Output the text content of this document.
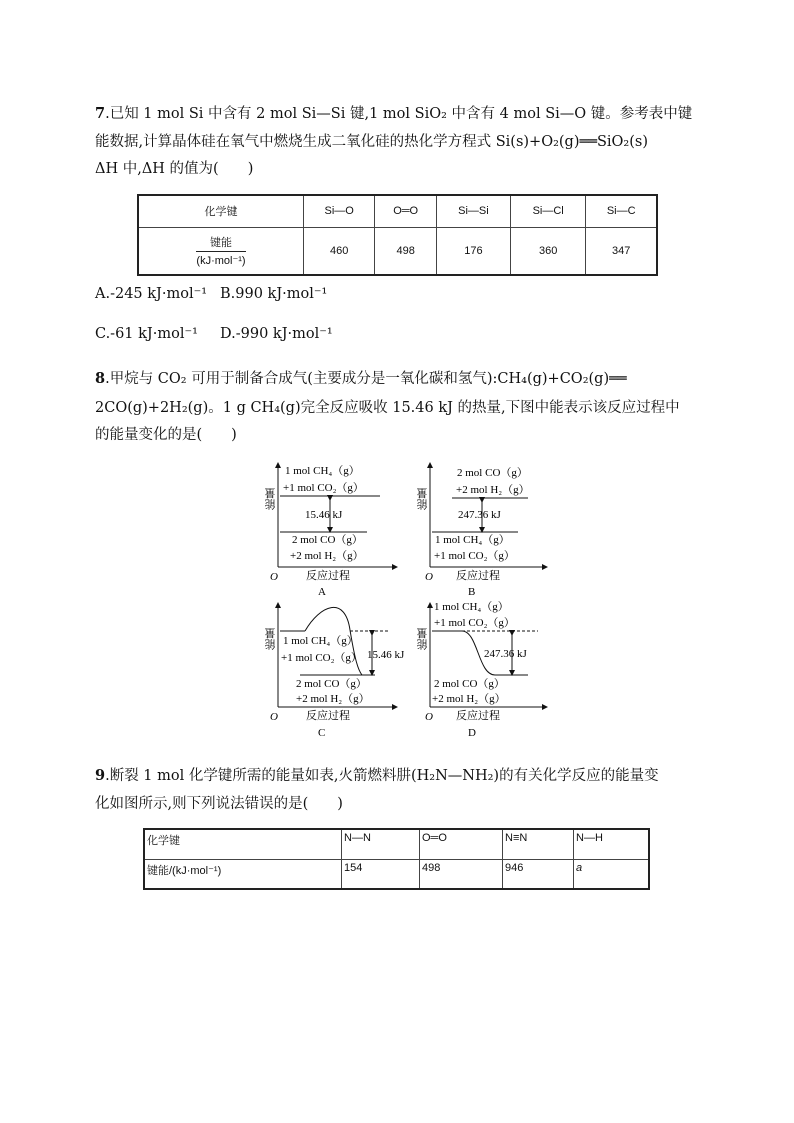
7.已知 1 mol Si 中含有 2 mol Si—Si 键,1 mol SiO₂ 中含有 4 mol Si—O 键。参考表中键
能数据,计算晶体硅在氧气中燃烧生成二氧化硅的热化学方程式 Si(s)+O₂(g)══SiO₂(s)
ΔH 中,ΔH 的值为(　　)
化学键	Si—O	O═O	Si—Si	Si—Cl	Si—C

键能
(kJ·mol⁻¹)	460	498	176	360	347
A.-245 kJ·mol⁻¹ B.990 kJ·mol⁻¹
C.-61 kJ·mol⁻¹ D.-990 kJ·mol⁻¹
8.甲烷与 CO₂ 可用于制备合成气(主要成分是一氧化碳和氢气):CH₄(g)+CO₂(g)══
2CO(g)+2H₂(g)。1 g CH₄(g)完全反应吸收 15.46 kJ 的热量,下图中能表示该反应过程中
的能量变化的是(　　)
1 mol CH₄（g）
+1 mol CO₂（g）
15.46 kJ
2 mol CO（g）
+2 mol H₂（g）
O	反应过程
A
能量
2 mol CO（g）
+2 mol H₂（g）
247.36 kJ
1 mol CH₄（g）
+1 mol CO₂（g）
O 反应过程
B
能量
1 mol CH₄（g）
+1 mol CO₂（g） 15.46 kJ
2 mol CO（g）
+2 mol H₂（g）
O	反应过程
C
能量
1 mol CH₄（g）
+1 mol CO₂（g）
247.36 kJ
2 mol CO（g）
+2 mol H₂（g）
O 反应过程
D
能量
9.断裂 1 mol 化学键所需的能量如表,火箭燃料肼(H₂N—NH₂)的有关化学反应的能量变
化如图所示,则下列说法错误的是(　　)
化学键	N—N	O═O	N≡N	N—H
键能/(kJ·mol⁻¹)	154	498	946	a
